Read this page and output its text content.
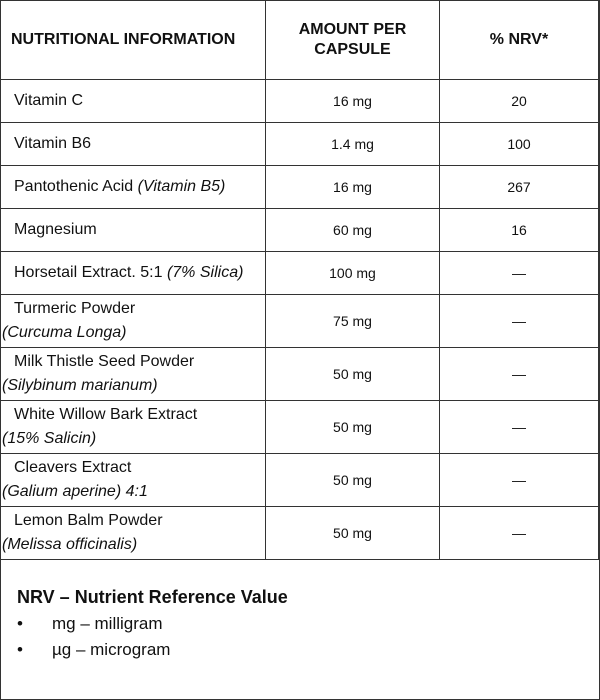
NUTRITIONAL INFORMATION	AMOUNT PER CAPSULE	% NRV*
Vitamin C	16 mg	20
Vitamin B6	1.4 mg	100
Pantothenic Acid (Vitamin B5)	16 mg	267
Magnesium	60 mg	16
Horsetail Extract. 5:1 (7% Silica)	100 mg	—

Turmeric Powder
(Curcuma Longa)	75 mg	—

Milk Thistle Seed Powder
(Silybinum marianum)	50 mg	—

White Willow Bark Extract
(15% Salicin)	50 mg	—

Cleavers Extract
(Galium aperine) 4:1	50 mg	—

Lemon Balm Powder
(Melissa officinalis)	50 mg	—
NRV – Nutrient Reference Value
• mg – milligram
• µg – microgram
